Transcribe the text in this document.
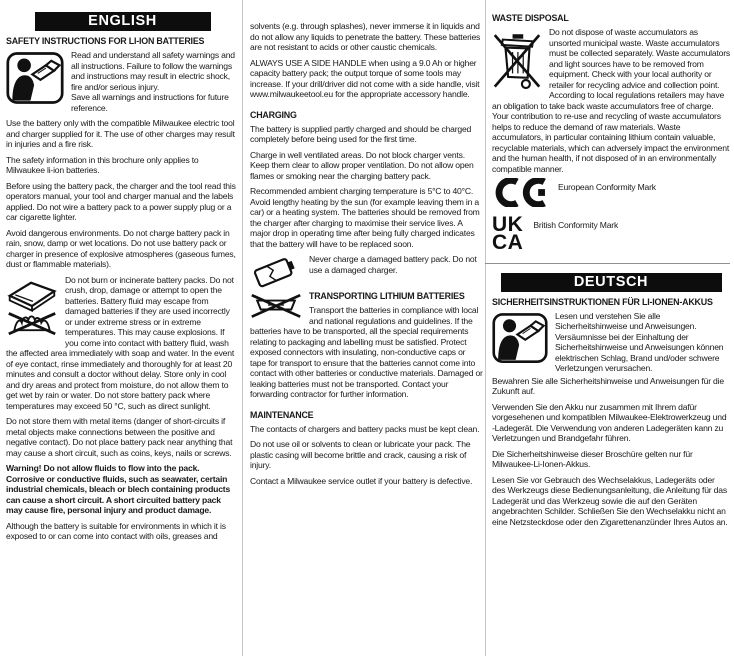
ENGLISH
SAFETY INSTRUCTIONS FOR LI-ION BATTERIES
Read and understand all safety warnings and all instructions. Failure to follow the warnings and instructions may result in electric shock, fire and/or serious injury.

Save all warnings and instructions for future reference.

Use the battery only with the compatible Milwaukee electric tool and charger supplied for it. The use of other charges may result in injuries and a fire risk.

The safety information in this brochure only applies to Milwaukee li-ion batteries.

Before using the battery pack, the charger and the tool read this operators manual, your tool and charger manual and the labels applied. Do not wire a battery pack to a power supply plug or a car cigarette lighter.

Avoid dangerous environments. Do not charge battery pack in rain, snow, damp or wet locations. Do not use battery pack or charger in presence of explosive atmospheres (gaseous fumes, dust or flammable materials).

Do not burn or incinerate battery packs. Do not crush, drop, damage or attempt to open the batteries. Battery fluid may escape from damaged batteries if they are used incorrectly or under extreme stress or in extreme temperatures. This may cause explosions. If you come into contact with battery fluid, wash the affected area immediately with soap and water. In the event of eye contact, rinse immediately and thoroughly for at least 20 minutes and consult a doctor without delay. Store only in cool and dry areas and protect from moisture, do not allow them to get wet by rain or water. Do not store battery pack where temperatures may exceed 50 °C, such as direct sunlight.

Do not store them with metal items (danger of short-circuits if metal objects make connections between the positive and negative contact). Do not place battery pack near anything that may cause a short circuit, such as coins, keys, nails or screws.

Warning! Do not allow fluids to flow into the pack. Corrosive or conductive fluids, such as seawater, certain industrial chemicals, bleach or blech containing products can cause a short circuit. A short circuited battery pack may cause fire, personal injury and product damage.

Although the battery is suitable for environments in which it is exposed to or can come into contact with oils, greases and

solvents (e.g. through splashes), never immerse it in liquids and do not allow any liquids to penetrate the battery. These batteries are not resistant to acids or other caustic chemicals.

ALWAYS USE A SIDE HANDLE when using a 9.0 Ah or higher capacity battery pack; the output torque of some tools may increase. If your drill/driver did not come with a side handle, visit www.milwaukeetool.eu for the appropriate accessory handle.

CHARGING

The battery is supplied partly charged and should be charged completely before being used for the first time.

Charge in well ventilated areas. Do not block charger vents. Keep them clear to allow proper ventilation. Do not allow open flames or smoking near the charging battery pack.

Recommended ambient charging temperature is 5°C to 40°C. Avoid lengthy heating by the sun (for example leaving them in a car) or a heating system. The batteries should be removed from the charger after charging to maximise their service lives. A major drop in operating time after being fully charged indicates that the battery will have to be replaced soon.

Never charge a damaged battery pack. Do not use a damaged charger.
TRANSPORTING LITHIUM BATTERIES

Transport the batteries in compliance with local and national regulations and guidelines. If the batteries have to be transported, all the special requirements relating to packaging and labelling must be satisfied. Protect exposed connectors with insulating, non-conductive caps or tape for transport to ensure that the batteries cannot come into contact with other batteries or conductive materials. Damaged or leaking batteries must not be transported. Contact your forwarding contractor for further information.

MAINTENANCE

The contacts of chargers and battery packs must be kept clean.

Do not use oil or solvents to clean or lubricate your pack. The plastic casing will become brittle and crack, causing a risk of injury.

Contact a Milwaukee service outlet if your battery is defective.

WASTE DISPOSAL
Do not dispose of waste accumulators as unsorted municipal waste. Waste accumulators must be collected separately. Waste accumulators and light sources have to be removed from equipment. Check with your local authority or retailer for recycling advice and collection point. According to local regulations retailers may have an obligation to take back waste accumulators free of charge. Your contribution to re-use and recycling of waste accumulators helps to reduce the demand of raw materials. Waste accumulators, in particular containing lithium contain valuable, recyclable materials, which can adversely impact the environment and the human health, if not disposed of in an environmentally compatible manner.
European Conformity Mark
UK
CA
British Conformity Mark
DEUTSCH
SICHERHEITSINSTRUKTIONEN FÜR LI-IONEN-AKKUS
Lesen und verstehen Sie alle Sicherheitshinweise und Anweisungen. Versäumnisse bei der Einhaltung der Sicherheitshinweise und Anweisungen können elektrischen Schlag, Brand und/oder schwere Verletzungen verursachen.

Bewahren Sie alle Sicherheitshinweise und Anweisungen für die Zukunft auf.

Verwenden Sie den Akku nur zusammen mit Ihrem dafür vorgesehenen und kompatiblen Milwaukee-Elektrowerkzeug und -Ladegerät. Die Verwendung von anderen Ladegeräten kann zu Verletzungen und Brandgefahr führen.

Die Sicherheitshinweise dieser Broschüre gelten nur für Milwaukee-Li-Ionen-Akkus.

Lesen Sie vor Gebrauch des Wechselakkus, Ladegeräts oder des Werkzeugs diese Bedienungsanleitung, die Anleitung für das Ladegerät und das Werkzeug sowie die auf den Geräten angebrachten Schilder. Schließen Sie den Wechselakku nicht an eine Netzsteckdose oder den Zigarettenanzünder Ihres Autos an.
